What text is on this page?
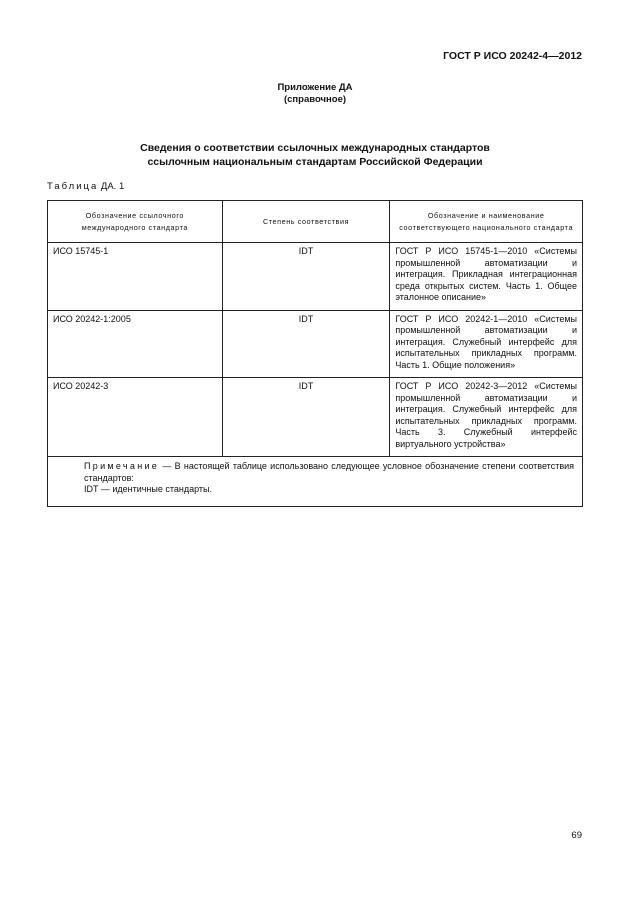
ГОСТ Р ИСО 20242-4—2012
Приложение ДА
(справочное)
Сведения о соответствии ссылочных международных стандартов
ссылочным национальным стандартам Российской Федерации
Таблица ДА. 1
Обозначение ссылочного международного стандарта	Степень соответствия	Обозначение и наименование соответствующего национального стандарта
ИСО 15745-1	IDT	ГОСТ Р ИСО 15745-1—2010 «Системы промышленной автоматизации и интеграция. Прикладная интеграционная среда открытых систем. Часть 1. Общее эталонное описание»
ИСО 20242-1:2005	IDT	ГОСТ Р ИСО 20242-1—2010 «Системы промышленной автоматизации и интеграция. Служебный интерфейс для испытательных прикладных программ. Часть 1. Общие положения»
ИСО 20242-3	IDT	ГОСТ Р ИСО 20242-3—2012 «Системы промышленной автоматизации и интеграция. Служебный интерфейс для испытательных прикладных программ. Часть 3. Служебный интерфейс виртуального устройства»

Примечание — В настоящей таблице использовано следующее условное обозначение степени соответствия стандартов:
IDT — идентичные стандарты.		
69
